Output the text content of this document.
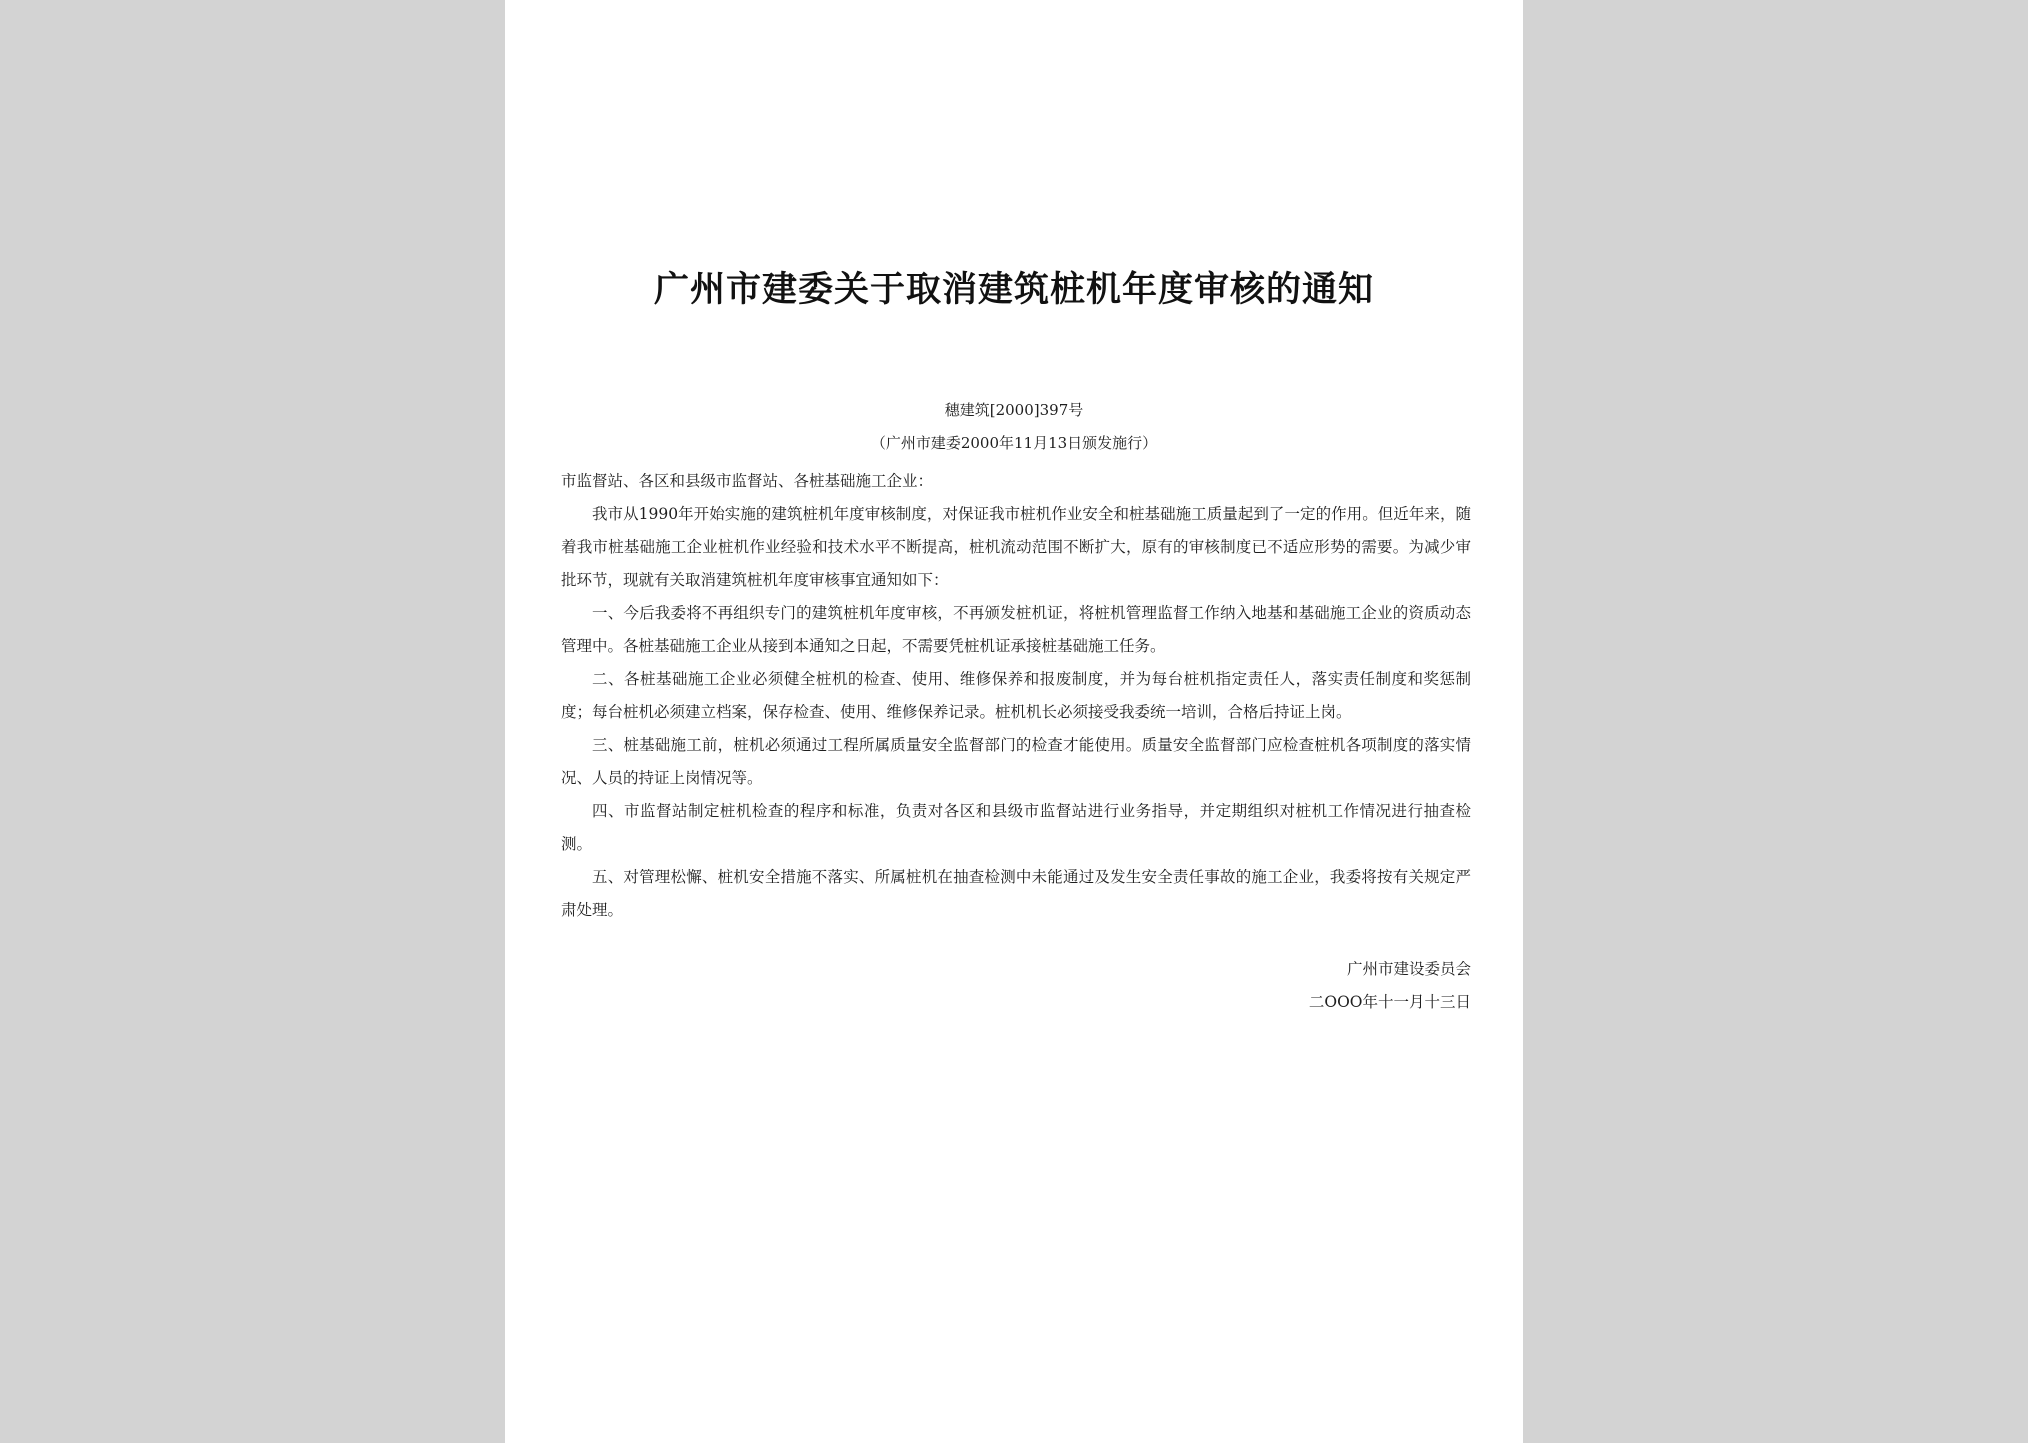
广州市建委关于取消建筑桩机年度审核的通知
穗建筑[2000]397号
（广州市建委2000年11月13日颁发施行）

市监督站、各区和县级市监督站、各桩基础施工企业：

我市从1990年开始实施的建筑桩机年度审核制度，对保证我市桩机作业安全和桩基础施工质量起到了一定的作用。但近年来，随着我市桩基础施工企业桩机作业经验和技术水平不断提高，桩机流动范围不断扩大，原有的审核制度已不适应形势的需要。为减少审批环节，现就有关取消建筑桩机年度审核事宜通知如下：

一、今后我委将不再组织专门的建筑桩机年度审核，不再颁发桩机证，将桩机管理监督工作纳入地基和基础施工企业的资质动态管理中。各桩基础施工企业从接到本通知之日起，不需要凭桩机证承接桩基础施工任务。

二、各桩基础施工企业必须健全桩机的检查、使用、维修保养和报废制度，并为每台桩机指定责任人，落实责任制度和奖惩制度；每台桩机必须建立档案，保存检查、使用、维修保养记录。桩机机长必须接受我委统一培训，合格后持证上岗。

三、桩基础施工前，桩机必须通过工程所属质量安全监督部门的检查才能使用。质量安全监督部门应检查桩机各项制度的落实情况、人员的持证上岗情况等。

四、市监督站制定桩机检查的程序和标准，负责对各区和县级市监督站进行业务指导，并定期组织对桩机工作情况进行抽查检测。

五、对管理松懈、桩机安全措施不落实、所属桩机在抽查检测中未能通过及发生安全责任事故的施工企业，我委将按有关规定严肃处理。

广州市建设委员会
二OOO年十一月十三日
